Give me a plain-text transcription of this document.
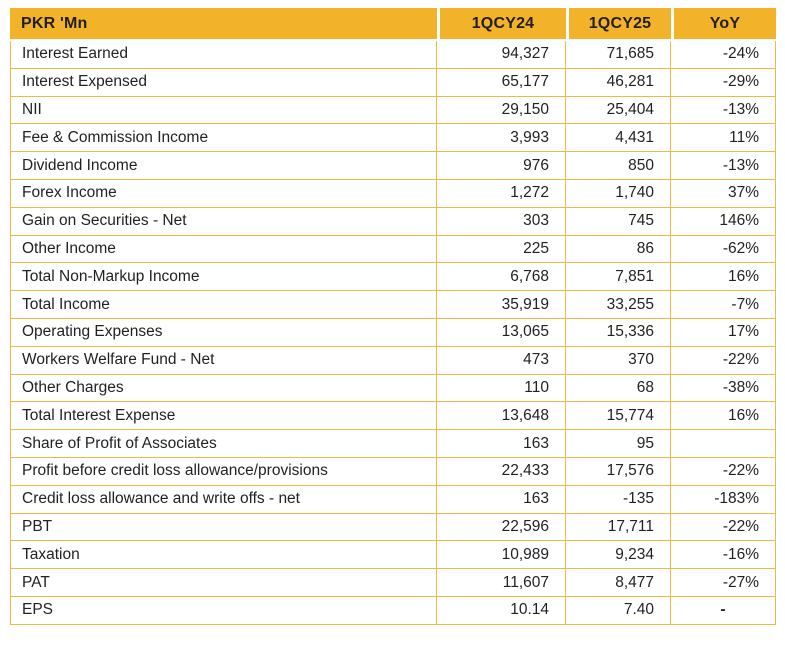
PKR 'Mn	1QCY24	1QCY25	YoY
Interest Earned	94,327	71,685	-24%
Interest Expensed	65,177	46,281	-29%
NII	29,150	25,404	-13%
Fee & Commission Income	3,993	4,431	11%
Dividend Income	976	850	-13%
Forex Income	1,272	1,740	37%
Gain on Securities - Net	303	745	146%
Other Income	225	86	-62%
Total Non-Markup Income	6,768	7,851	16%
Total Income	35,919	33,255	-7%
Operating Expenses	13,065	15,336	17%
Workers Welfare Fund - Net	473	370	-22%
Other Charges	110	68	-38%
Total Interest Expense	13,648	15,774	16%
Share of Profit of Associates	163	95	
Profit before credit loss allowance/provisions	22,433	17,576	-22%
Credit loss allowance and write offs - net	163	-135	-183%
PBT	22,596	17,711	-22%
Taxation	10,989	9,234	-16%
PAT	11,607	8,477	-27%
EPS	10.14	7.40	-
